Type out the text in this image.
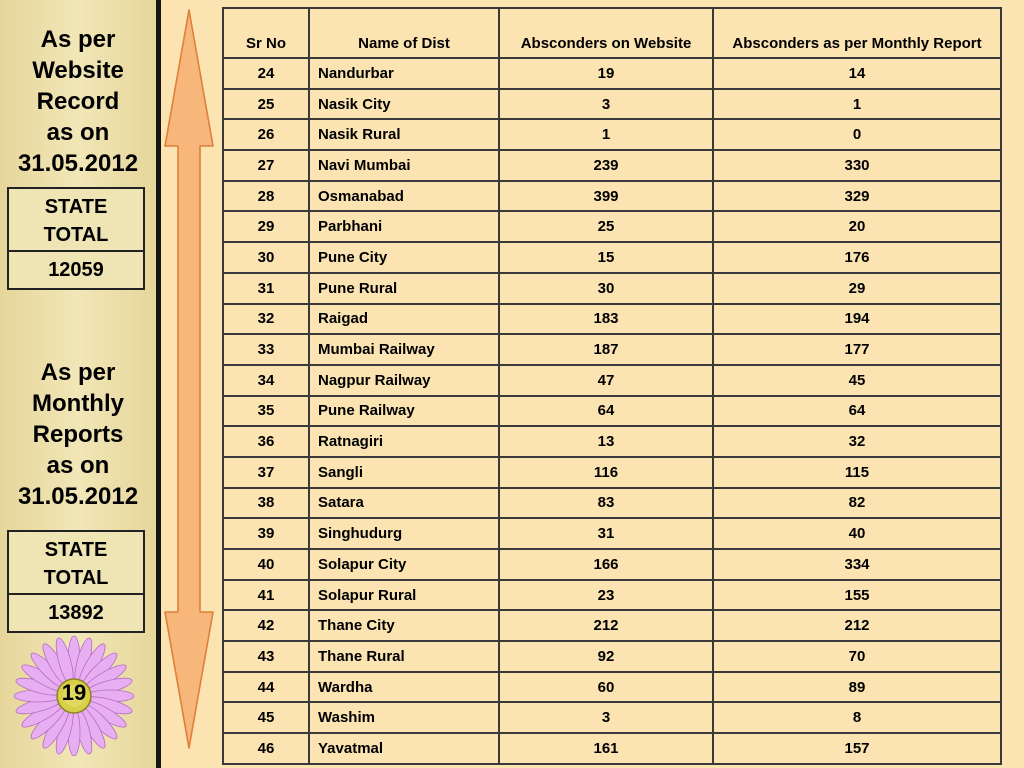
As per
Website
Record
as on
31.05.2012
STATE
TOTAL
12059
As per
Monthly
Reports
as on
31.05.2012
STATE
TOTAL
13892
19
Sr No	Name of Dist	Absconders on Website	Absconders as per Monthly Report
24	Nandurbar	19	14
25	Nasik City	3	1
26	Nasik Rural	1	0
27	Navi Mumbai	239	330
28	Osmanabad	399	329
29	Parbhani	25	20
30	Pune City	15	176
31	Pune Rural	30	29
32	Raigad	183	194
33	Mumbai Railway	187	177
34	Nagpur Railway	47	45
35	Pune Railway	64	64
36	Ratnagiri	13	32
37	Sangli	116	115
38	Satara	83	82
39	Singhudurg	31	40
40	Solapur City	166	334
41	Solapur Rural	23	155
42	Thane City	212	212
43	Thane Rural	92	70
44	Wardha	60	89
45	Washim	3	8
46	Yavatmal	161	157
